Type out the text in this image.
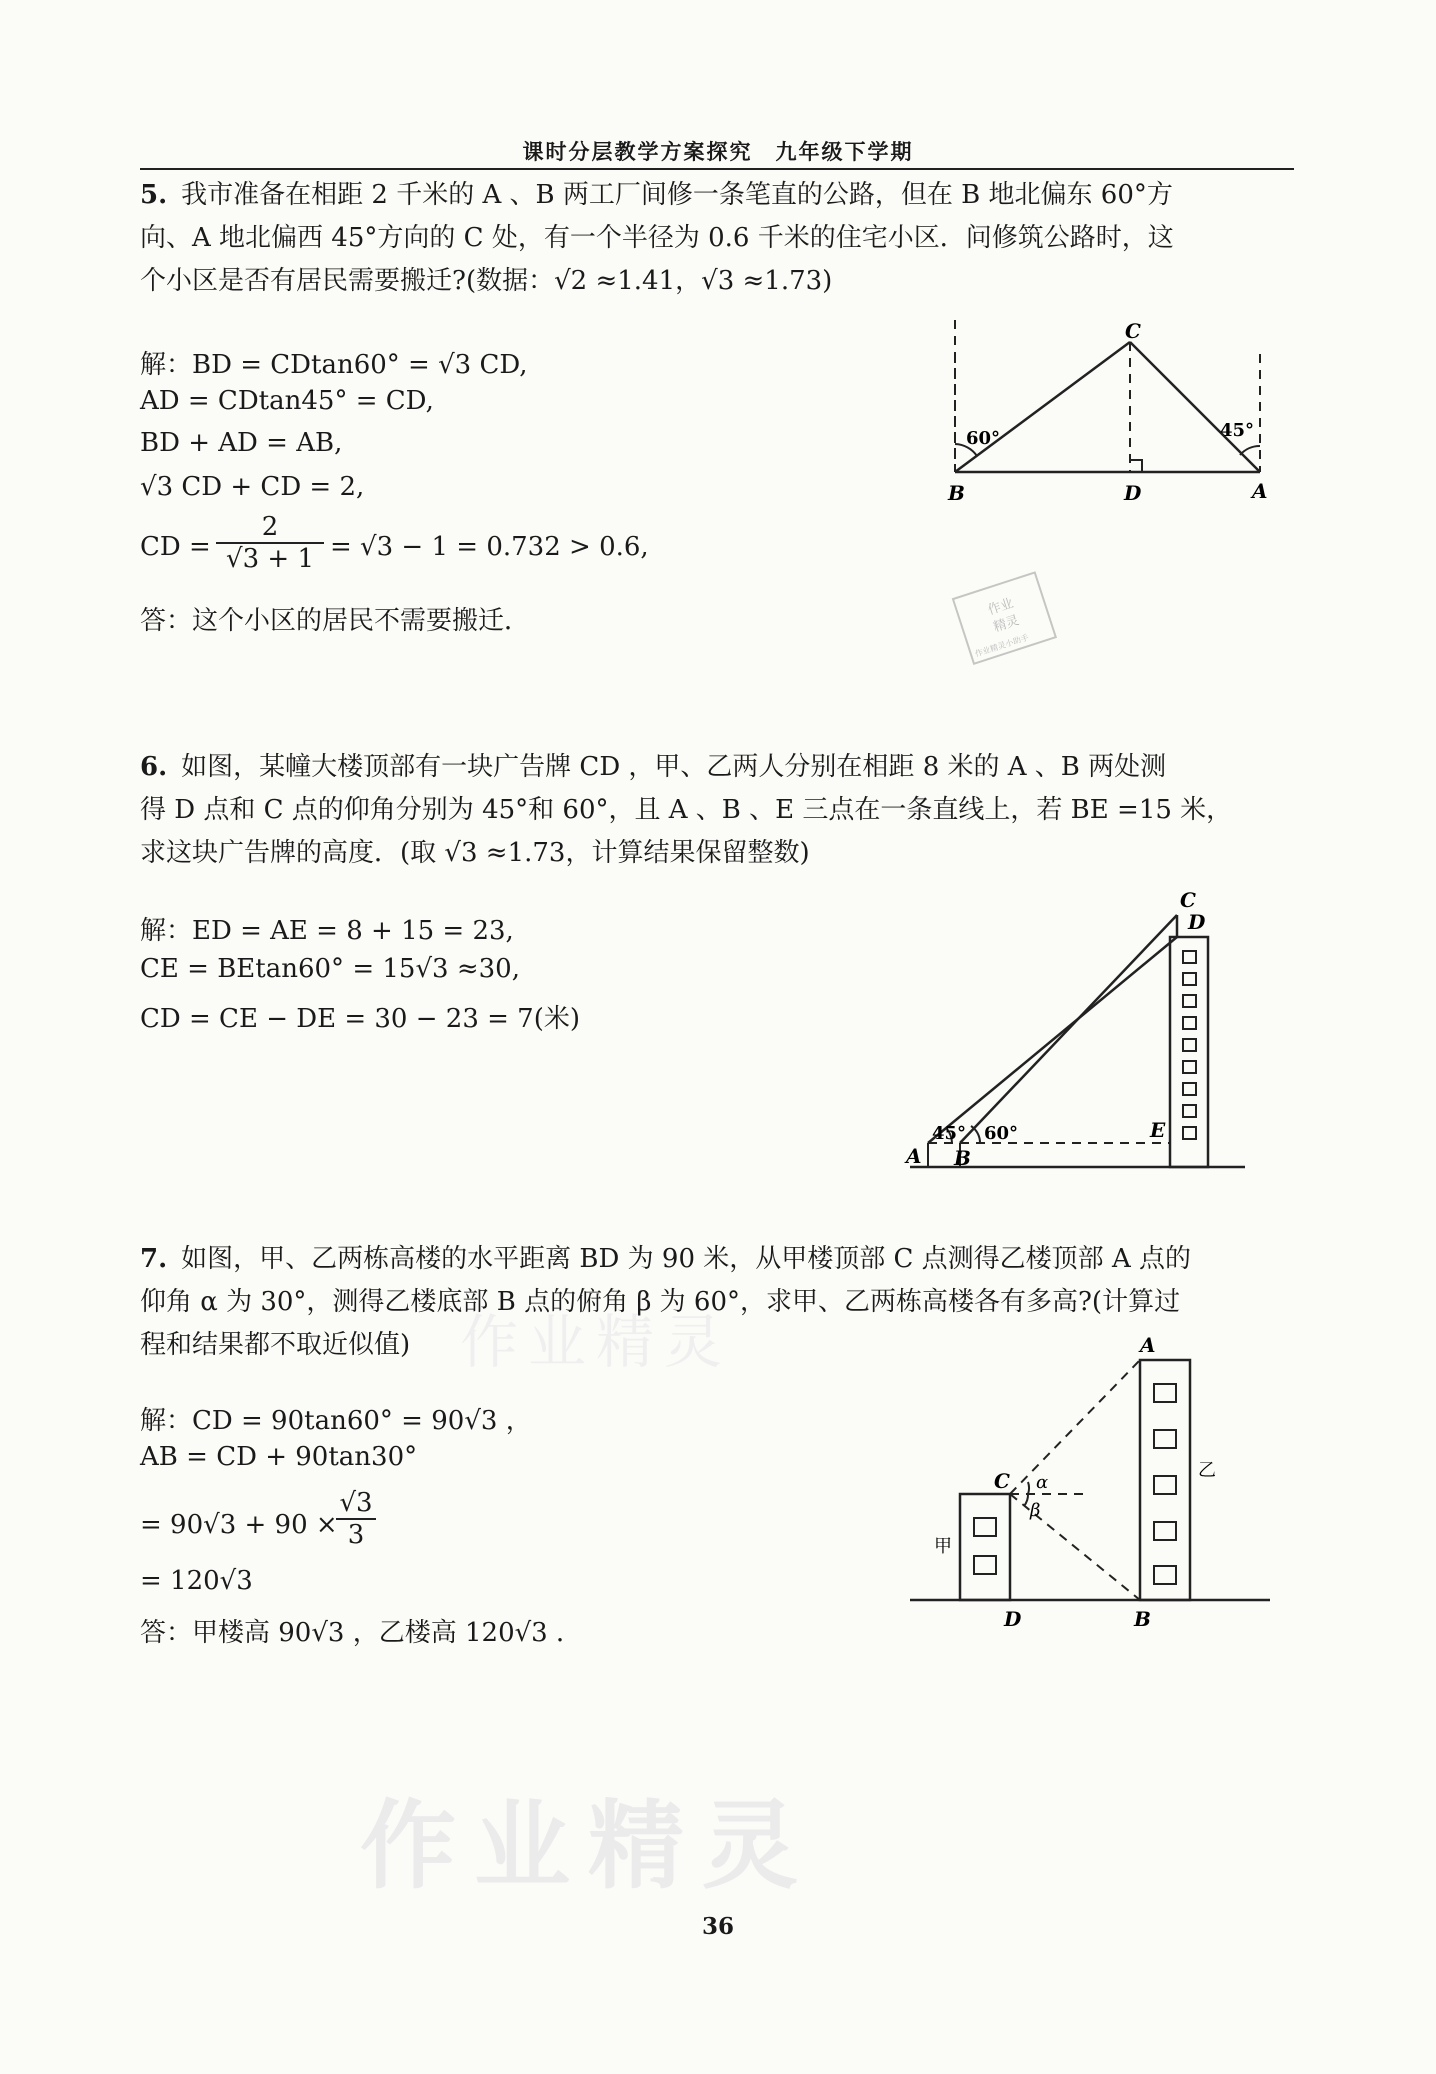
课时分层教学方案探究　九年级下学期
5. 我市准备在相距 2 千米的 A 、B 两工厂间修一条笔直的公路，但在 B 地北偏东 60°方
向、A 地北偏西 45°方向的 C 处，有一个半径为 0.6 千米的住宅小区．问修筑公路时，这
个小区是否有居民需要搬迁?(数据：√2 ≈1.41，√3 ≈1.73)
解：BD = CDtan60° = √3 CD,
AD = CDtan45° = CD,
BD + AD = AB,
√3 CD + CD = 2,
CD = $\frac{2}{√3 + 1} = √3 - 1 = 0.732 > 0.6$,
答：这个小区的居民不需要搬迁．
C
B	D	A
60°	45°
作业
精灵
作业精灵小助手
6. 如图，某幢大楼顶部有一块广告牌 CD ，甲、乙两人分别在相距 8 米的 A 、B 两处测
得 D 点和 C 点的仰角分别为 45°和 60°，且 A 、B 、E 三点在一条直线上，若 BE =15 米，
求这块广告牌的高度．(取 √3 ≈1.73，计算结果保留整数)
解：ED = AE = 8 + 15 = 23,
CE = BEtan60° = 15√3 ≈30,
CD = CE − DE = 30 − 23 = 7(米)
C
D
E
A B
45° 60°
7. 如图，甲、乙两栋高楼的水平距离 BD 为 90 米，从甲楼顶部 C 点测得乙楼顶部 A 点的
仰角 α 为 30°，测得乙楼底部 B 点的俯角 β 为 60°，求甲、乙两栋高楼各有多高?(计算过
程和结果都不取近似值)
解：CD = 90tan60° = 90√3 ，
AB = CD + 90tan30°
= 90√3 + 90 ×
$\frac{√3}{3}$
= 120√3
答：甲楼高 90√3 ，乙楼高 120√3 ．
A
C
D	B
甲
乙
α
β
作业精灵
作业精灵
36
